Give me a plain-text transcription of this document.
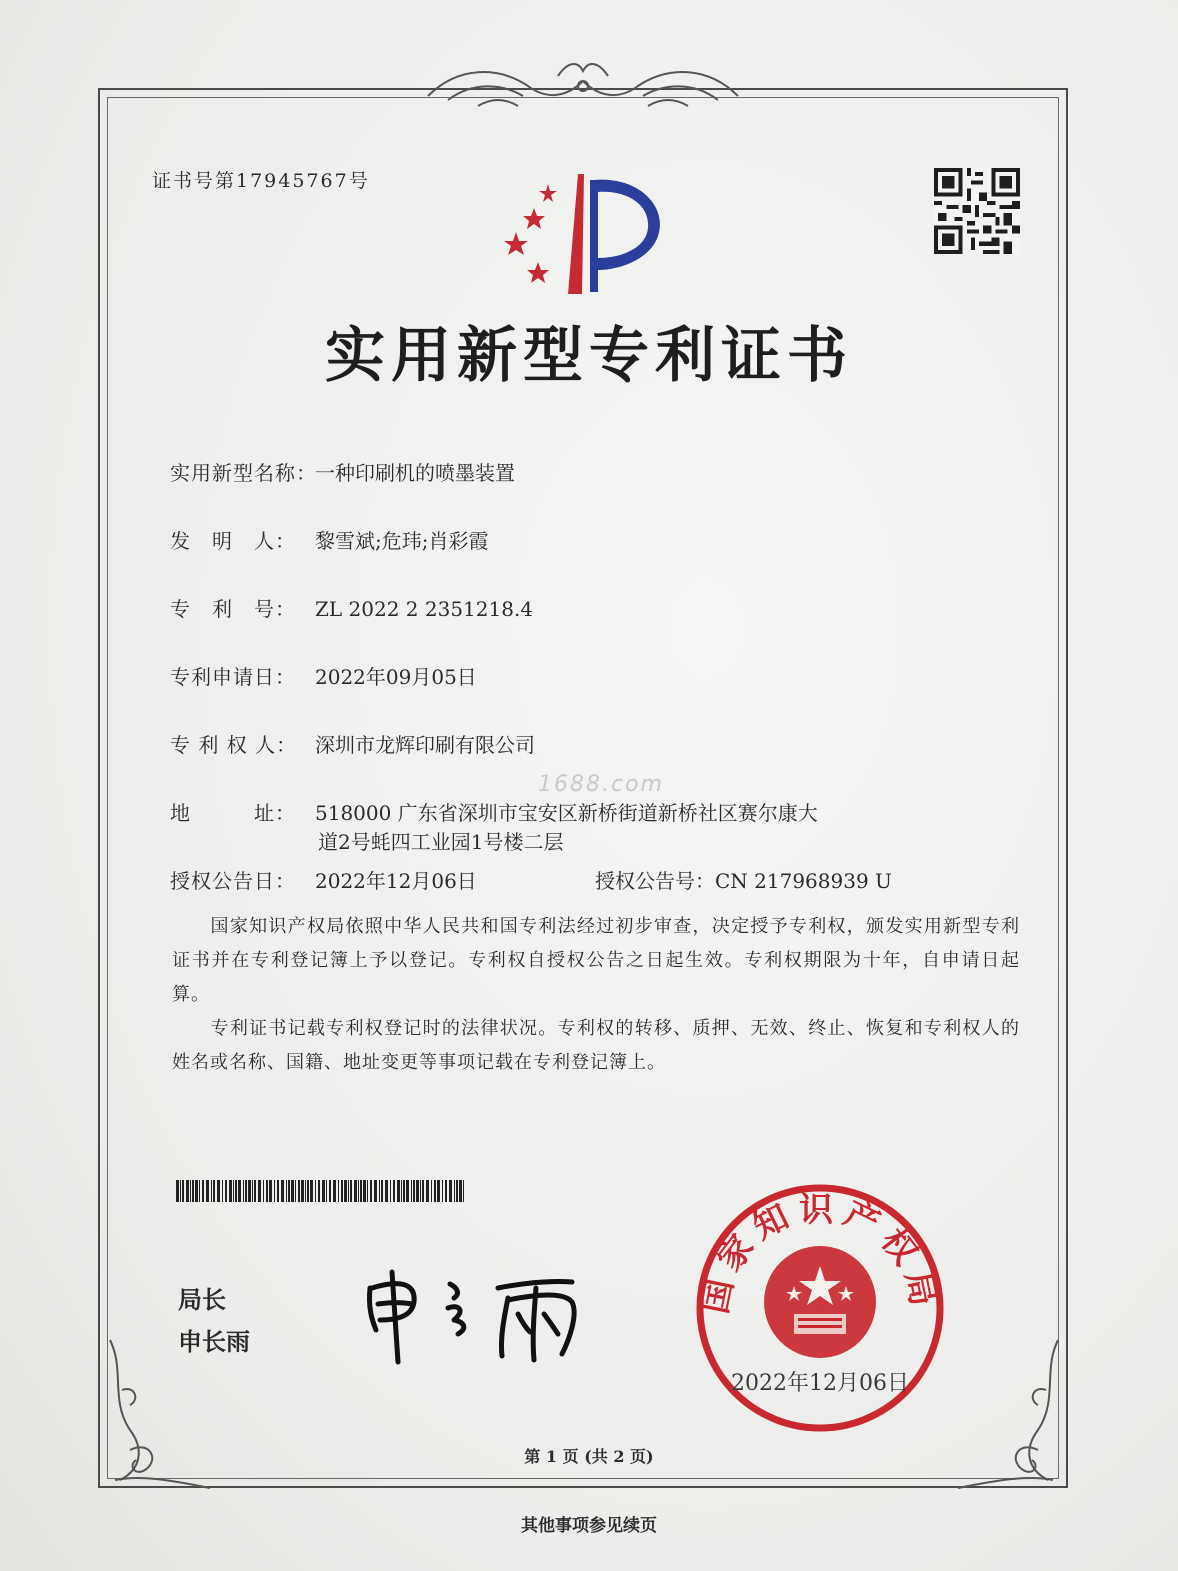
证书号第17945767号
实用新型专利证书
实用新型名称：一种印刷机的喷墨装置
发　明　人： 黎雪斌;危玮;肖彩霞
专　利　号： ZL 2022 2 2351218.4
专利申请日： 2022年09月05日
专 利 权 人： 深圳市龙辉印刷有限公司
地　　　址： 518000 广东省深圳市宝安区新桥街道新桥社区赛尔康大
道2号蚝四工业园1号楼二层
授权公告日： 2022年12月06日	授权公告号：CN 217968939 U
1688.com
　　国家知识产权局依照中华人民共和国专利法经过初步审查，决定授予专利权，颁发实用新型专利证书并在专利登记簿上予以登记。专利权自授权公告之日起生效。专利权期限为十年，自申请日起算。
　　专利证书记载专利权登记时的法律状况。专利权的转移、质押、无效、终止、恢复和专利权人的姓名或名称、国籍、地址变更等事项记载在专利登记簿上。
局长
申长雨
国家知识产权局
2022年12月06日
第 1 页 (共 2 页)
其他事项参见续页
